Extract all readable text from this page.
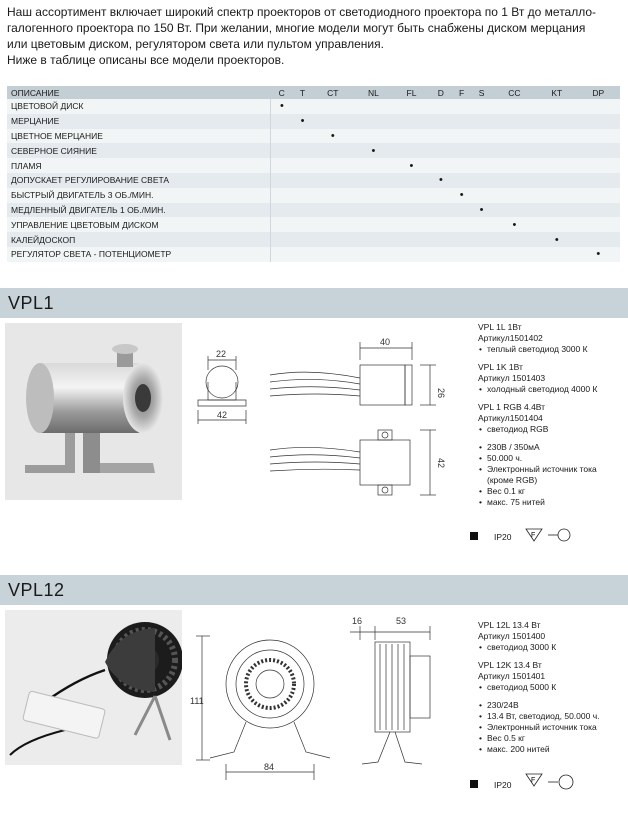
Наш ассортимент включает широкий спектр проекторов от светодиодного проектора по 1 Вт до металло-

галогенного проектора по 150 Вт. При желании, многие модели могут быть снабжены диском мерцания

или цветовым диском, регулятором света или пультом управления.

Ниже в таблице описаны все модели проекторов.

ОПИСАНИЕ	C	T	CT	NL	FL	D	F	S	CC	KT	DP
ЦВЕТОВОЙ ДИСК	•										
МЕРЦАНИЕ		•									
ЦВЕТНОЕ МЕРЦАНИЕ			•								
СЕВЕРНОЕ СИЯНИЕ				•							
ПЛАМЯ					•						
ДОПУСКАЕТ РЕГУЛИРОВАНИЕ СВЕТА						•					
БЫСТРЫЙ ДВИГАТЕЛЬ 3 ОБ./МИН.							•				
МЕДЛЕННЫЙ ДВИГАТЕЛЬ 1 ОБ./МИН.								•			
УПРАВЛЕНИЕ ЦВЕТОВЫМ ДИСКОМ									•		
КАЛЕЙДОСКОП										•	
РЕГУЛЯТОР СВЕТА - ПОТЕНЦИОМЕТР											•
VPL1
22
42
40
26
42
VPL 1L 1Вт
Артикул1501402
• теплый светодиод 3000 К
VPL 1K 1Вт
Артикул 1501403
• холодный светодиод 4000 К
VPL 1 RGB 4.4Вт
Артикул1501404
• светодиод RGB
• 230В / 350мА
• 50.000 ч.
• Электронный источник тока
(кроме RGB)
• Вес 0.1 кг
• макс. 75 нитей
IP20	F
VPL12
16	53
111
84
VPL 12L 13.4 Вт
Артикул 1501400
• светодиод 3000 К
VPL 12K 13.4 Вт
Артикул 1501401
• светодиод 5000 К
• 230/24В
• 13.4 Вт, светодиод, 50.000 ч.
• Электронный источник тока
• Вес 0.5 кг
• макс. 200 нитей
IP20	F
